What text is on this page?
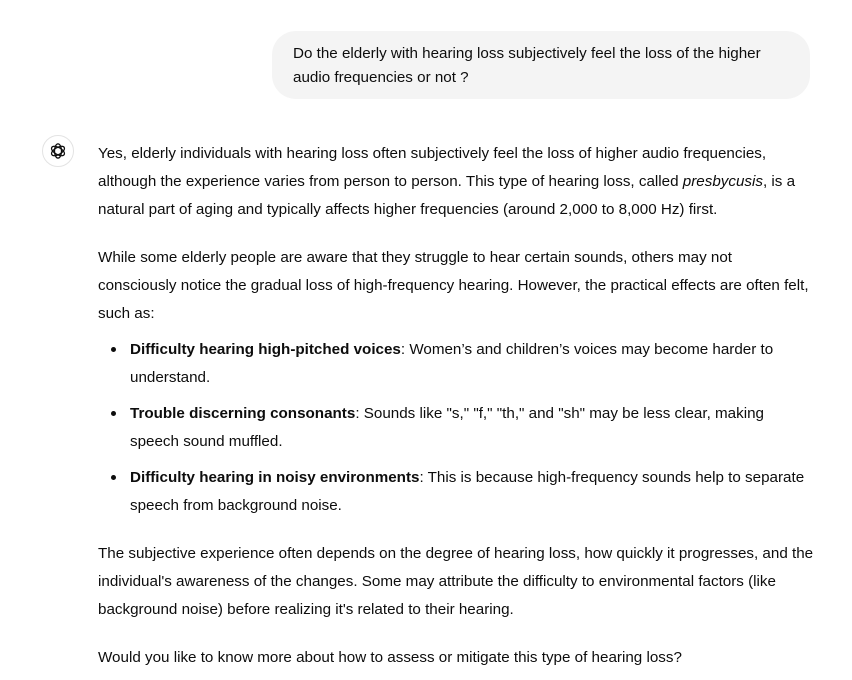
Do the elderly with hearing loss subjectively feel the loss of the higher audio frequencies or not ?

Yes, elderly individuals with hearing loss often subjectively feel the loss of higher audio frequencies, although the experience varies from person to person. This type of hearing loss, called presbycusis, is a natural part of aging and typically affects higher frequencies (around 2,000 to 8,000 Hz) first.

While some elderly people are aware that they struggle to hear certain sounds, others may not consciously notice the gradual loss of high-frequency hearing. However, the practical effects are often felt, such as:

Difficulty hearing high-pitched voices: Women’s and children’s voices may become harder to understand.
Trouble discerning consonants: Sounds like "s," "f," "th," and "sh" may be less clear, making speech sound muffled.
Difficulty hearing in noisy environments: This is because high-frequency sounds help to separate speech from background noise.

The subjective experience often depends on the degree of hearing loss, how quickly it progresses, and the individual's awareness of the changes. Some may attribute the difficulty to environmental factors (like background noise) before realizing it's related to their hearing.

Would you like to know more about how to assess or mitigate this type of hearing loss?
